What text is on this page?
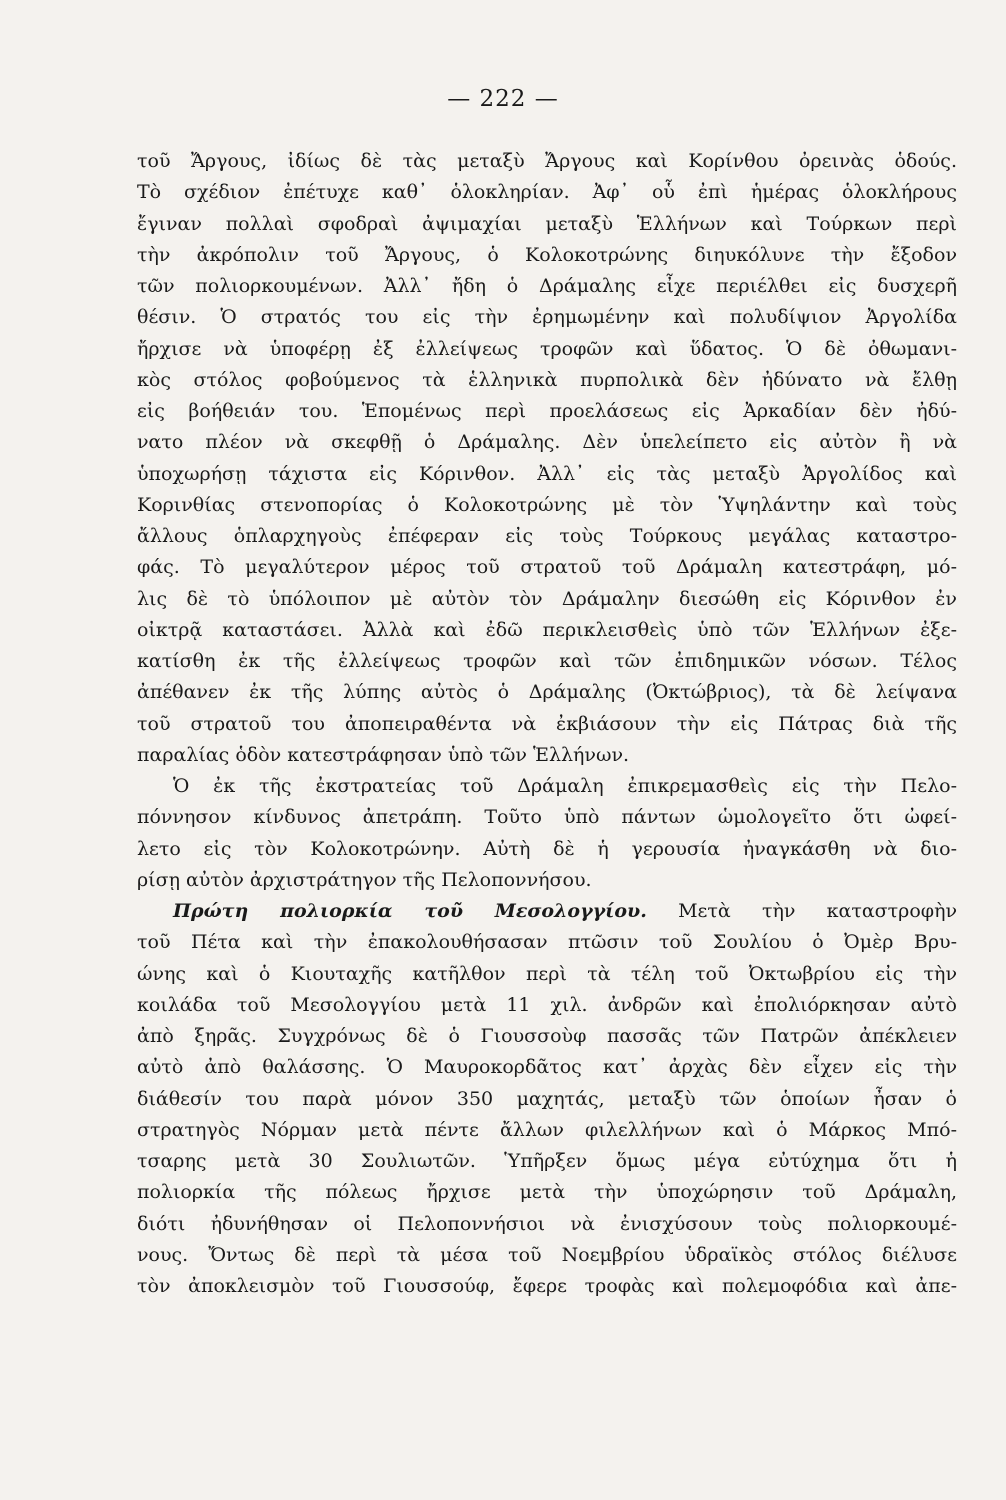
— 222 —
τοῦ Ἄργους, ἰδίως δὲ τὰς μεταξὺ Ἄργους καὶ Κορίνθου ὀρεινὰς ὁδούς.
Τὸ σχέδιον ἐπέτυχε καθ᾽ ὁλοκληρίαν. Ἀφ᾽ οὗ ἐπὶ ἡμέρας ὁλοκλήρους
ἔγιναν πολλαὶ σφοδραὶ ἀψιμαχίαι μεταξὺ Ἑλλήνων καὶ Τούρκων περὶ
τὴν ἀκρόπολιν τοῦ Ἄργους, ὁ Κολοκοτρώνης διηυκόλυνε τὴν ἔξοδον
τῶν πολιορκουμένων. Ἀλλ᾽ ἤδη ὁ Δράμαλης εἶχε περιέλθει εἰς δυσχερῆ
θέσιν. Ὁ στρατός του εἰς τὴν ἐρημωμένην καὶ πολυδίψιον Ἀργολίδα
ἤρχισε νὰ ὑποφέρῃ ἐξ ἐλλείψεως τροφῶν καὶ ὕδατος. Ὁ δὲ ὀθωμανι-
κὸς στόλος φοβούμενος τὰ ἑλληνικὰ πυρπολικὰ δὲν ἠδύνατο νὰ ἔλθῃ
εἰς βοήθειάν του. Ἑπομένως περὶ προελάσεως εἰς Ἀρκαδίαν δὲν ἠδύ-
νατο πλέον νὰ σκεφθῇ ὁ Δράμαλης. Δὲν ὑπελείπετο εἰς αὐτὸν ἢ νὰ
ὑποχωρήσῃ τάχιστα εἰς Κόρινθον. Ἀλλ᾽ εἰς τὰς μεταξὺ Ἀργολίδος καὶ
Κορινθίας στενοπορίας ὁ Κολοκοτρώνης μὲ τὸν Ὑψηλάντην καὶ τοὺς
ἄλλους ὁπλαρχηγοὺς ἐπέφεραν εἰς τοὺς Τούρκους μεγάλας καταστρο-
φάς. Τὸ μεγαλύτερον μέρος τοῦ στρατοῦ τοῦ Δράμαλη κατεστράφη, μό-
λις δὲ τὸ ὑπόλοιπον μὲ αὐτὸν τὸν Δράμαλην διεσώθη εἰς Κόρινθον ἐν
οἰκτρᾷ καταστάσει. Ἀλλὰ καὶ ἐδῶ περικλεισθεὶς ὑπὸ τῶν Ἑλλήνων ἐξε-
κατίσθη ἐκ τῆς ἐλλείψεως τροφῶν καὶ τῶν ἐπιδημικῶν νόσων. Τέλος
ἀπέθανεν ἐκ τῆς λύπης αὐτὸς ὁ Δράμαλης (Ὀκτώβριος), τὰ δὲ λείψανα
τοῦ στρατοῦ του ἀποπειραθέντα νὰ ἐκβιάσουν τὴν εἰς Πάτρας διὰ τῆς
παραλίας ὁδὸν κατεστράφησαν ὑπὸ τῶν Ἑλλήνων.
Ὁ ἐκ τῆς ἐκστρατείας τοῦ Δράμαλη ἐπικρεμασθεὶς εἰς τὴν Πελο-
πόννησον κίνδυνος ἀπετράπη. Τοῦτο ὑπὸ πάντων ὡμολογεῖτο ὅτι ὠφεί-
λετο εἰς τὸν Κολοκοτρώνην. Αὐτὴ δὲ ἡ γερουσία ἠναγκάσθη νὰ διο-
ρίσῃ αὐτὸν ἀρχιστράτηγον τῆς Πελοποννήσου.
Πρώτη πολιορκία τοῦ Μεσολογγίου. Μετὰ τὴν καταστροφὴν
τοῦ Πέτα καὶ τὴν ἐπακολουθήσασαν πτῶσιν τοῦ Σουλίου ὁ Ὀμὲρ Βρυ-
ώνης καὶ ὁ Κιουταχῆς κατῆλθον περὶ τὰ τέλη τοῦ Ὀκτωβρίου εἰς τὴν
κοιλάδα τοῦ Μεσολογγίου μετὰ 11 χιλ. ἀνδρῶν καὶ ἐπολιόρκησαν αὐτὸ
ἀπὸ ξηρᾶς. Συγχρόνως δὲ ὁ Γιουσσοὺφ πασσᾶς τῶν Πατρῶν ἀπέκλειεν
αὐτὸ ἀπὸ θαλάσσης. Ὁ Μαυροκορδᾶτος κατ᾽ ἀρχὰς δὲν εἶχεν εἰς τὴν
διάθεσίν του παρὰ μόνον 350 μαχητάς, μεταξὺ τῶν ὁποίων ἦσαν ὁ
στρατηγὸς Νόρμαν μετὰ πέντε ἄλλων φιλελλήνων καὶ ὁ Μάρκος Μπό-
τσαρης μετὰ 30 Σουλιωτῶν. Ὑπῆρξεν ὅμως μέγα εὐτύχημα ὅτι ἡ
πολιορκία τῆς πόλεως ἤρχισε μετὰ τὴν ὑποχώρησιν τοῦ Δράμαλη,
διότι ἠδυνήθησαν οἱ Πελοποννήσιοι νὰ ἐνισχύσουν τοὺς πολιορκουμέ-
νους. Ὄντως δὲ περὶ τὰ μέσα τοῦ Νοεμβρίου ὑδραϊκὸς στόλος διέλυσε
τὸν ἀποκλεισμὸν τοῦ Γιουσσούφ, ἔφερε τροφὰς καὶ πολεμοφόδια καὶ ἀπε-
